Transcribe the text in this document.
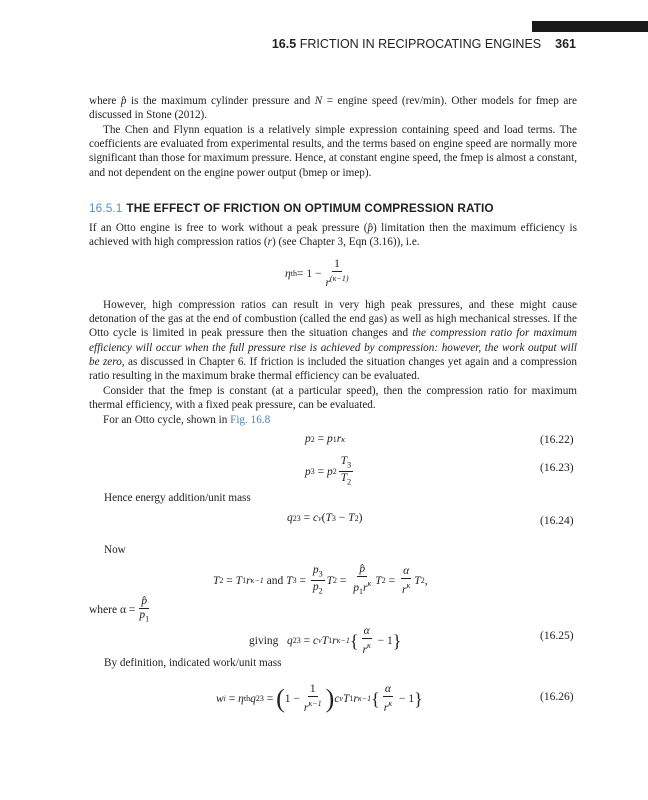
16.5 FRICTION IN RECIPROCATING ENGINES 361

where p̂ is the maximum cylinder pressure and N = engine speed (rev/min). Other models for fmep are discussed in Stone (2012).

The Chen and Flynn equation is a relatively simple expression containing speed and load terms. The coefficients are evaluated from experimental results, and the terms based on engine speed are normally more significant than those for maximum pressure. Hence, at constant engine speed, the fmep is almost a constant, and not dependent on the engine power output (bmep or imep).

16.5.1 THE EFFECT OF FRICTION ON OPTIMUM COMPRESSION RATIO

If an Otto engine is free to work without a peak pressure (p̂) limitation then the maximum efficiency is achieved with high compression ratios (r) (see Chapter 3, Eqn (3.16)), i.e.

η th = $1 - \frac{1}{r^{(\kappa-1)}}$

However, high compression ratios can result in very high peak pressures, and these might cause detonation of the gas at the end of combustion (called the end gas) as well as high mechanical stresses. If the Otto cycle is limited in peak pressure then the situation changes and the compression ratio for maximum efficiency will occur when the full pressure rise is achieved by compression: however, the work output will be zero, as discussed in Chapter 6. If friction is included the situation changes yet again and a compression ratio resulting in the maximum brake thermal efficiency can be evaluated.

Consider that the fmep is constant (at a particular speed), then the compression ratio for maximum thermal efficiency, with a fixed peak pressure, can be evaluated.

For an Otto cycle, shown in Fig. 16.8

p 2 = p 1 r κ	(16.22)
p 3 = p $2 \frac{T_3}{T_2}$	(16.23)
Hence energy addition/unit mass
q 23 = c v ( T 3 − T 2 )	(16.24)
Now
T 2 = T 1 r κ−1 and T $3 = \frac{p_3}{p_2}$ T $2 = \frac{p̂}{p_1r^\kappa}$ T $2 = \frac{\alpha}{r^\kappa}$ T 2 ,
where $\alpha = \frac{p̂}{p_1}$
giving
q 23 = c v T 1 r κ−1 { $\frac{\alpha}{r^\kappa} - 1$ }	(16.25)
By definition, indicated work/unit mass
w i = η th q 23 = ( $1 - \frac{1}{r^{\kappa-1}}$ ) c v T 1 r κ−1 { $\frac{\alpha}{r^\kappa} - 1$ }	(16.26)
